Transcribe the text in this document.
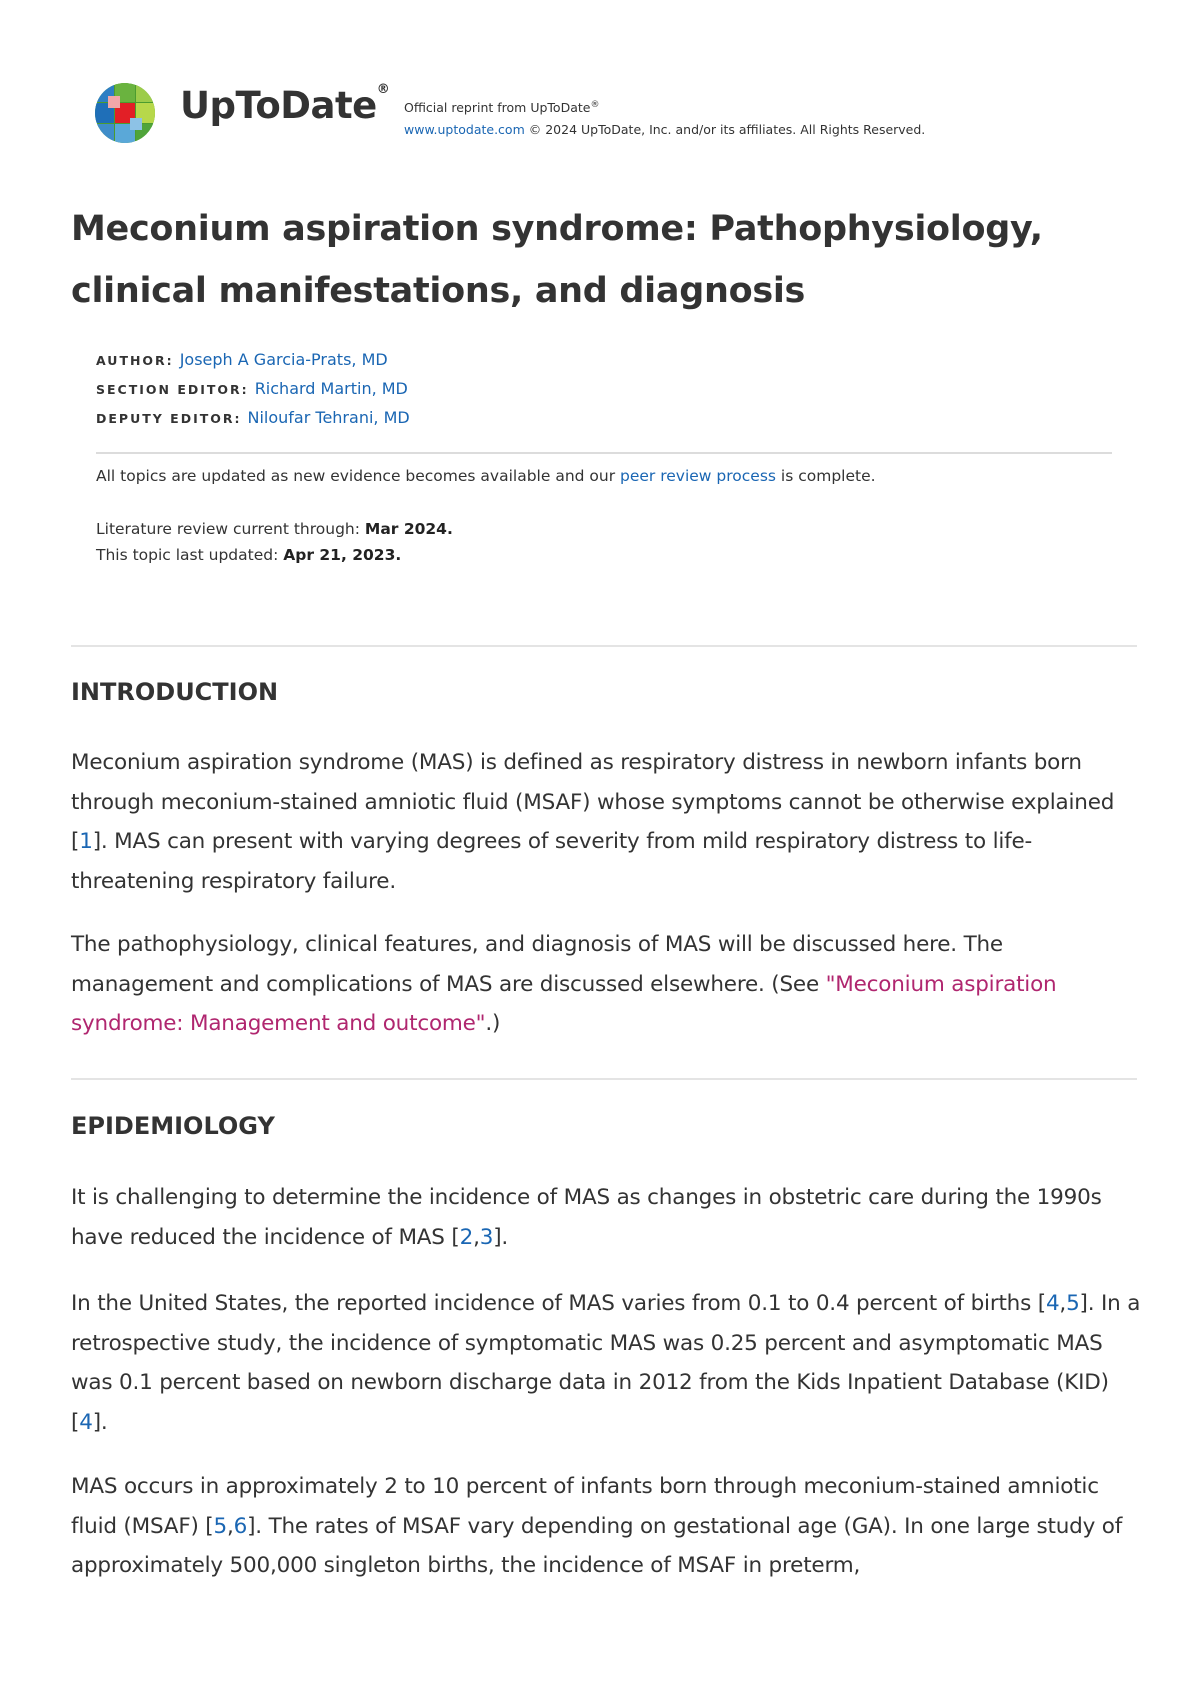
UpToDate®
Official reprint from UpToDate®
www.uptodate.com © 2024 UpToDate, Inc. and/or its affiliates. All Rights Reserved.
Meconium aspiration syndrome: Pathophysiology,
clinical manifestations, and diagnosis
AUTHOR: Joseph A Garcia-Prats, MD
SECTION EDITOR: Richard Martin, MD
DEPUTY EDITOR: Niloufar Tehrani, MD
All topics are updated as new evidence becomes available and our peer review process is complete.
Literature review current through: Mar 2024.
This topic last updated: Apr 21, 2023.
INTRODUCTION

Meconium aspiration syndrome (MAS) is defined as respiratory distress in newborn infants born through meconium-stained amniotic fluid (MSAF) whose symptoms cannot be otherwise explained [1]. MAS can present with varying degrees of severity from mild respiratory distress to life-threatening respiratory failure.

The pathophysiology, clinical features, and diagnosis of MAS will be discussed here. The management and complications of MAS are discussed elsewhere. (See "Meconium aspiration syndrome: Management and outcome".)

EPIDEMIOLOGY

It is challenging to determine the incidence of MAS as changes in obstetric care during the 1990s have reduced the incidence of MAS [2,3].

In the United States, the reported incidence of MAS varies from 0.1 to 0.4 percent of births [4,5]. In a retrospective study, the incidence of symptomatic MAS was 0.25 percent and asymptomatic MAS was 0.1 percent based on newborn discharge data in 2012 from the Kids Inpatient Database (KID) [4].

MAS occurs in approximately 2 to 10 percent of infants born through meconium-stained amniotic fluid (MSAF) [5,6]. The rates of MSAF vary depending on gestational age (GA). In one large study of approximately 500,000 singleton births, the incidence of MSAF in preterm,
